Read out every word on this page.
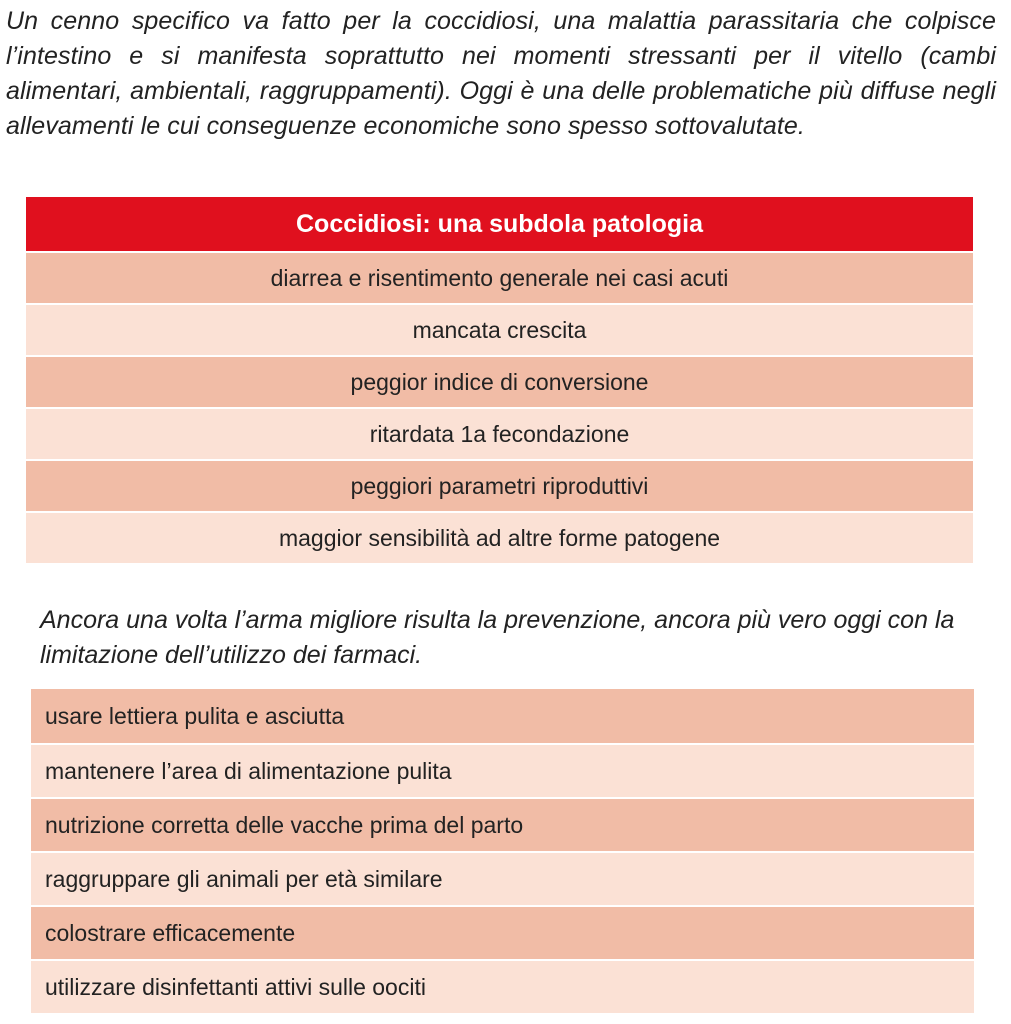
Un cenno specifico va fatto per la coccidiosi, una malattia parassitaria che colpisce l’intestino e si manifesta soprattutto nei momenti stressanti per il vitello (cambi alimentari, ambientali, raggruppamenti). Oggi è una delle problematiche più diffuse negli allevamenti le cui conseguenze economiche sono spesso sottovalutate.

Coccidiosi: una subdola patologia
diarrea e risentimento generale nei casi acuti
mancata crescita
peggior indice di conversione
ritardata 1a fecondazione
peggiori parametri riproduttivi
maggior sensibilità ad altre forme patogene

Ancora una volta l’arma migliore risulta la prevenzione, ancora più vero oggi con la limitazione dell’utilizzo dei farmaci.

usare lettiera pulita e asciutta
mantenere l’area di alimentazione pulita
nutrizione corretta delle vacche prima del parto
raggruppare gli animali per età similare
colostrare efficacemente
utilizzare disinfettanti attivi sulle oociti
